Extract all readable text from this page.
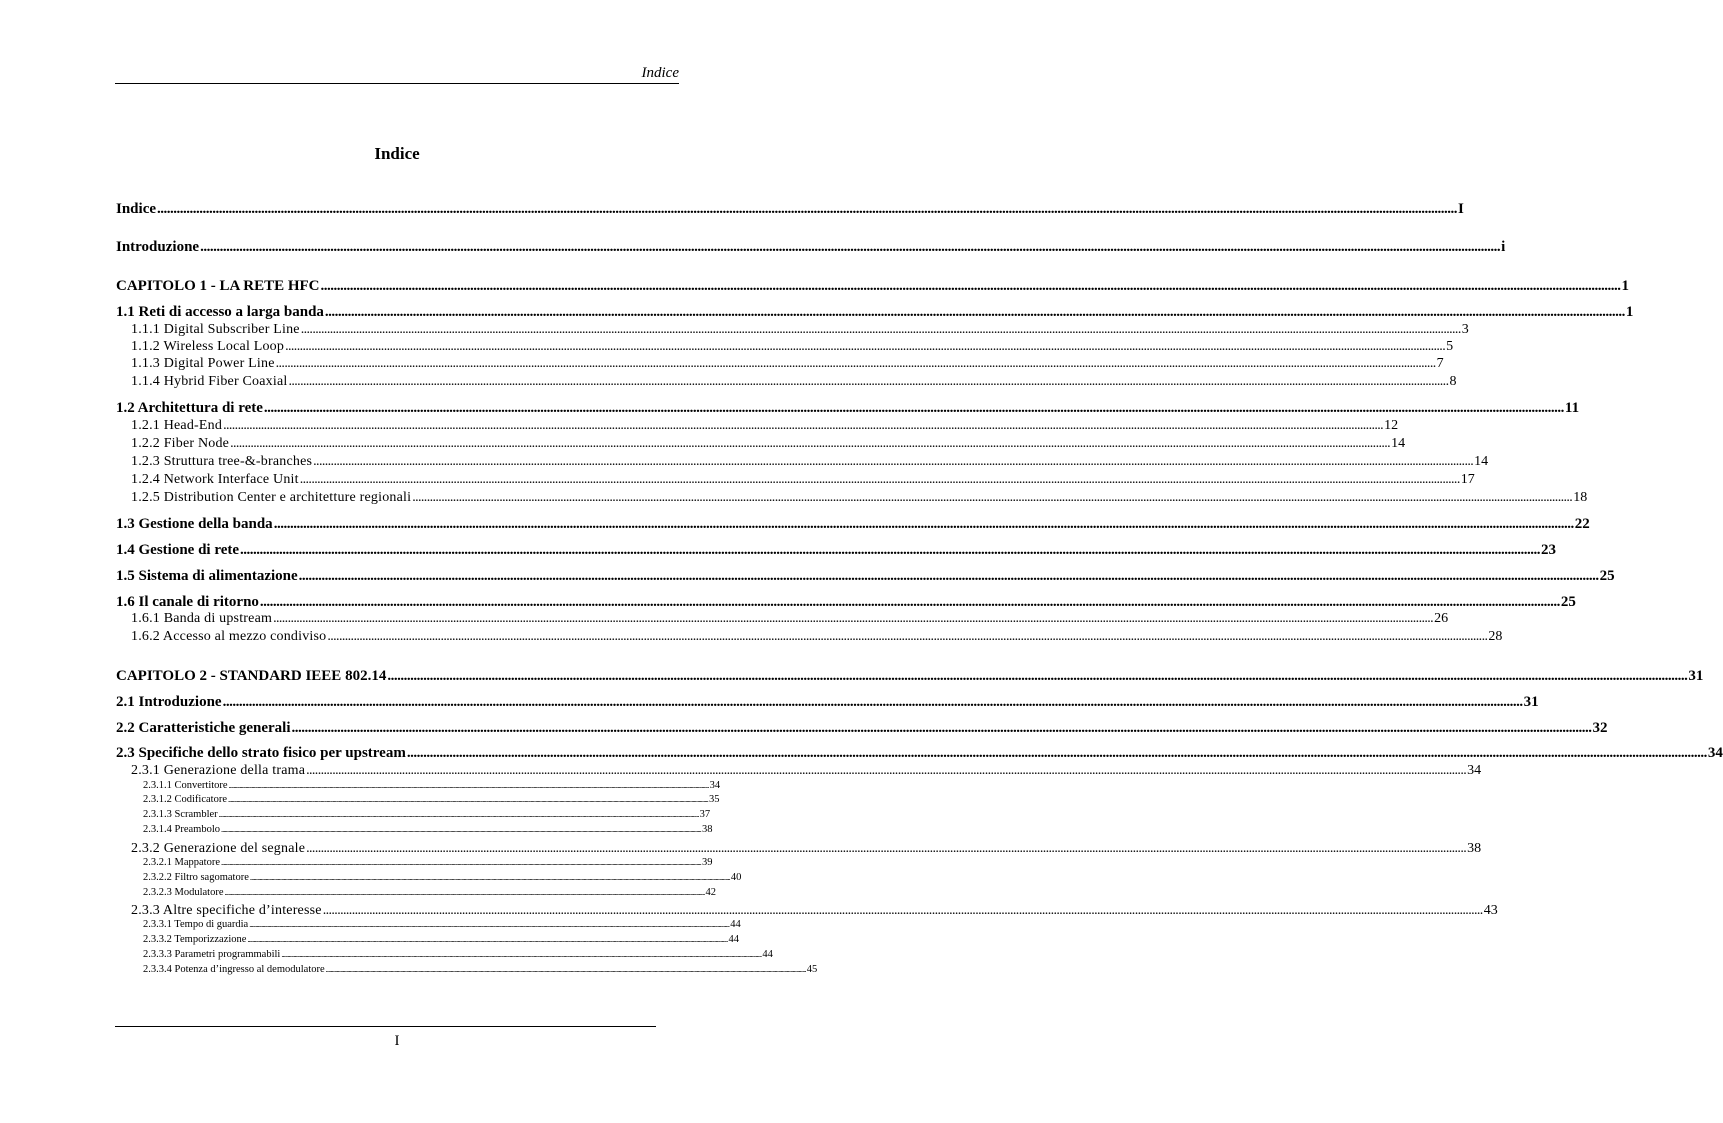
Indice
Indice
Indice ................................................................................................................................................................................................................................................................................................................................................................................................................ I
Introduzione ................................................................................................................................................................................................................................................................................................................................................................................................................ i
CAPITOLO 1 - LA RETE HFC ................................................................................................................................................................................................................................................................................................................................................................................................................ 1
1.1 Reti di accesso a larga banda ................................................................................................................................................................................................................................................................................................................................................................................................................ 1
1.1.1 Digital Subscriber Line ................................................................................................................................................................................................................................................................................................................................................................................................................ 3
1.1.2 Wireless Local Loop ................................................................................................................................................................................................................................................................................................................................................................................................................ 5
1.1.3 Digital Power Line ................................................................................................................................................................................................................................................................................................................................................................................................................ 7
1.1.4 Hybrid Fiber Coaxial ................................................................................................................................................................................................................................................................................................................................................................................................................ 8
1.2 Architettura di rete ................................................................................................................................................................................................................................................................................................................................................................................................................ 11
1.2.1 Head-End ................................................................................................................................................................................................................................................................................................................................................................................................................ 12
1.2.2 Fiber Node ................................................................................................................................................................................................................................................................................................................................................................................................................ 14
1.2.3 Struttura tree-&-branches ................................................................................................................................................................................................................................................................................................................................................................................................................ 14
1.2.4 Network Interface Unit ................................................................................................................................................................................................................................................................................................................................................................................................................ 17
1.2.5 Distribution Center e architetture regionali ................................................................................................................................................................................................................................................................................................................................................................................................................ 18
1.3 Gestione della banda ................................................................................................................................................................................................................................................................................................................................................................................................................ 22
1.4 Gestione di rete ................................................................................................................................................................................................................................................................................................................................................................................................................ 23
1.5 Sistema di alimentazione ................................................................................................................................................................................................................................................................................................................................................................................................................ 25
1.6 Il canale di ritorno ................................................................................................................................................................................................................................................................................................................................................................................................................ 25
1.6.1 Banda di upstream ................................................................................................................................................................................................................................................................................................................................................................................................................ 26
1.6.2 Accesso al mezzo condiviso ................................................................................................................................................................................................................................................................................................................................................................................................................ 28
CAPITOLO 2 - STANDARD IEEE 802.14 ................................................................................................................................................................................................................................................................................................................................................................................................................ 31
2.1 Introduzione ................................................................................................................................................................................................................................................................................................................................................................................................................ 31
2.2 Caratteristiche generali ................................................................................................................................................................................................................................................................................................................................................................................................................ 32
2.3 Specifiche dello strato fisico per upstream ................................................................................................................................................................................................................................................................................................................................................................................................................ 34
2.3.1 Generazione della trama ................................................................................................................................................................................................................................................................................................................................................................................................................ 34
2.3.1.1 Convertitore ................................................................................................................................................................................................................................................................................................................................................................................................................ 34
2.3.1.2 Codificatore ................................................................................................................................................................................................................................................................................................................................................................................................................ 35
2.3.1.3 Scrambler ................................................................................................................................................................................................................................................................................................................................................................................................................ 37
2.3.1.4 Preambolo ................................................................................................................................................................................................................................................................................................................................................................................................................ 38
2.3.2 Generazione del segnale ................................................................................................................................................................................................................................................................................................................................................................................................................ 38
2.3.2.1 Mappatore ................................................................................................................................................................................................................................................................................................................................................................................................................ 39
2.3.2.2 Filtro sagomatore ................................................................................................................................................................................................................................................................................................................................................................................................................ 40
2.3.2.3 Modulatore ................................................................................................................................................................................................................................................................................................................................................................................................................ 42
2.3.3 Altre specifiche d’interesse ................................................................................................................................................................................................................................................................................................................................................................................................................ 43
2.3.3.1 Tempo di guardia ................................................................................................................................................................................................................................................................................................................................................................................................................ 44
2.3.3.2 Temporizzazione ................................................................................................................................................................................................................................................................................................................................................................................................................ 44
2.3.3.3 Parametri programmabili ................................................................................................................................................................................................................................................................................................................................................................................................................ 44
2.3.3.4 Potenza d’ingresso al demodulatore ................................................................................................................................................................................................................................................................................................................................................................................................................ 45
I
